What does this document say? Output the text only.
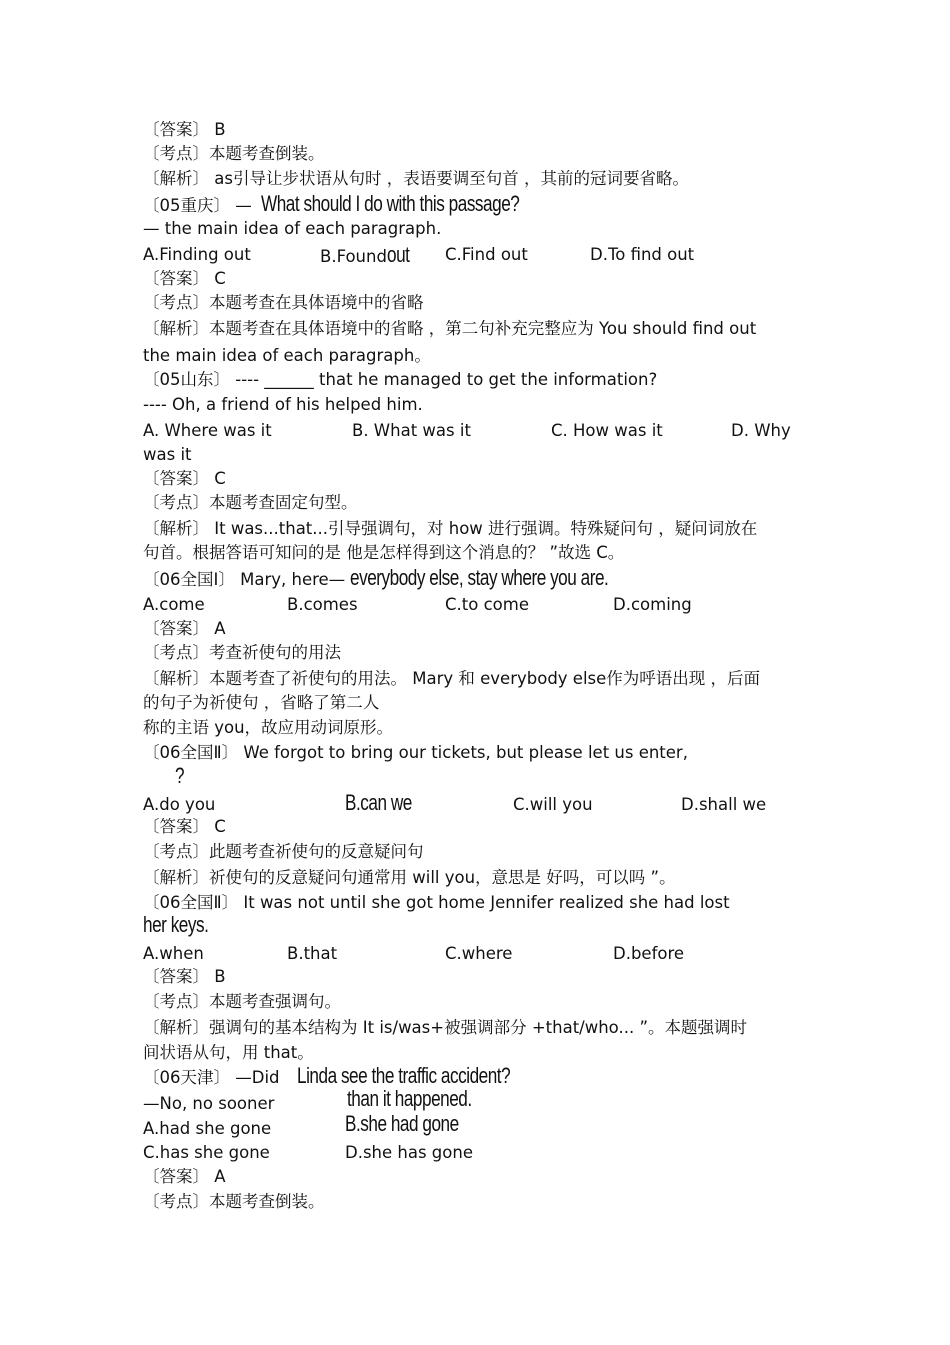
〔答案〕 B
〔考点〕本题考查倒装。
〔解析〕 as引导让步状语从句时 ，表语要调至句首 ，其前的冠词要省略。
〔05重庆〕 — What should I do with this passage?
— the main idea of each paragraph.
A.Finding out	B.Foundout	C.Find out	D.To find out
〔答案〕 C
〔考点〕本题考查在具体语境中的省略
〔解析〕本题考查在具体语境中的省略 ，第二句补充完整应为 You should find out
the main idea of each paragraph。
〔05山东〕 ---- ______ that he managed to get the information?
---- Oh, a friend of his helped him.
A. Where was it	B. What was it	C. How was it	D. Why
was it
〔答案〕 C
〔考点〕本题考查固定句型。
〔解析〕 It was...that...引导强调句，对 how 进行强调。特殊疑问句 ，疑问词放在
句首。根据答语可知问的是 他是怎样得到这个消息的？ ”故选 C。
〔06全国Ⅰ〕 Mary, here— everybody else, stay where you are.
A.come	B.comes	C.to come	D.coming
〔答案〕 A
〔考点〕考查祈使句的用法
〔解析〕本题考查了祈使句的用法。 Mary 和 everybody else作为呼语出现 ，后面
的句子为祈使句 ，省略了第二人
称的主语 you，故应用动词原形。
〔06全国Ⅱ〕 We forgot to bring our tickets, but please let us enter,
?
A.do you	B.can we	C.will you	D.shall we
〔答案〕 C
〔考点〕此题考查祈使句的反意疑问句
〔解析〕祈使句的反意疑问句通常用 will you，意思是 好吗，可以吗 ”。
〔06全国Ⅱ〕 It was not until she got home Jennifer realized she had lost
her keys.
A.when	B.that	C.where	D.before
〔答案〕 B
〔考点〕本题考查强调句。
〔解析〕强调句的基本结构为 It is/was+被强调部分 +that/who... ”。本题强调时
间状语从句，用 that。
〔06天津〕 —Did Linda see the traffic accident?
—No, no sooner	than it happened.
A.had she gone	B.she had gone
C.has she gone	D.she has gone
〔答案〕 A
〔考点〕本题考查倒装。
